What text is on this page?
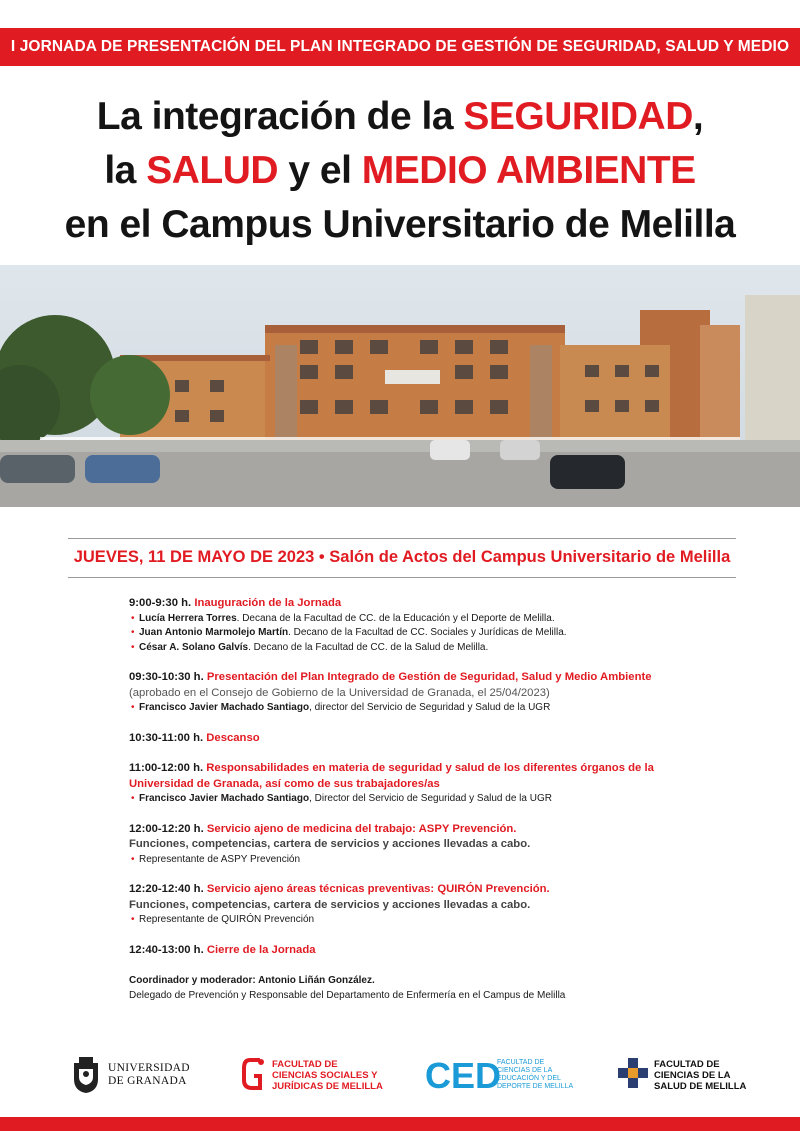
I JORNADA DE PRESENTACIÓN DEL PLAN INTEGRADO DE GESTIÓN DE SEGURIDAD, SALUD Y MEDIO AMBIENTE
La integración de la SEGURIDAD,
la SALUD y el MEDIO AMBIENTE
en el Campus Universitario de Melilla
JUEVES, 11 DE MAYO DE 2023 • Salón de Actos del Campus Universitario de Melilla
9:00-9:30 h. Inauguración de la Jornada
• Lucía Herrera Torres. Decana de la Facultad de CC. de la Educación y el Deporte de Melilla.
• Juan Antonio Marmolejo Martín. Decano de la Facultad de CC. Sociales y Jurídicas de Melilla.
• César A. Solano Galvís. Decano de la Facultad de CC. de la Salud de Melilla.
09:30-10:30 h. Presentación del Plan Integrado de Gestión de Seguridad, Salud y Medio Ambiente (aprobado en el Consejo de Gobierno de la Universidad de Granada, el 25/04/2023)
• Francisco Javier Machado Santiago, director del Servicio de Seguridad y Salud de la UGR
10:30-11:00 h. Descanso
11:00-12:00 h. Responsabilidades en materia de seguridad y salud de los diferentes órganos de la Universidad de Granada, así como de sus trabajadores/as
• Francisco Javier Machado Santiago, Director del Servicio de Seguridad y Salud de la UGR
12:00-12:20 h. Servicio ajeno de medicina del trabajo: ASPY Prevención.
Funciones, competencias, cartera de servicios y acciones llevadas a cabo.
• Representante de ASPY Prevención
12:20-12:40 h. Servicio ajeno áreas técnicas preventivas: QUIRÓN Prevención.
Funciones, competencias, cartera de servicios y acciones llevadas a cabo.
• Representante de QUIRÓN Prevención
12:40-13:00 h. Cierre de la Jornada
Coordinador y moderador: Antonio Liñán González.
Delegado de Prevención y Responsable del Departamento de Enfermería en el Campus de Melilla
UNIVERSIDAD
DE GRANADA
FACULTAD DE
CIENCIAS SOCIALES Y
JURÍDICAS DE MELILLA CED
FACULTAD DE
CIENCIAS DE LA
EDUCACIÓN Y DEL
DEPORTE DE MELILLA
FACULTAD DE
CIENCIAS DE LA
SALUD DE MELILLA
